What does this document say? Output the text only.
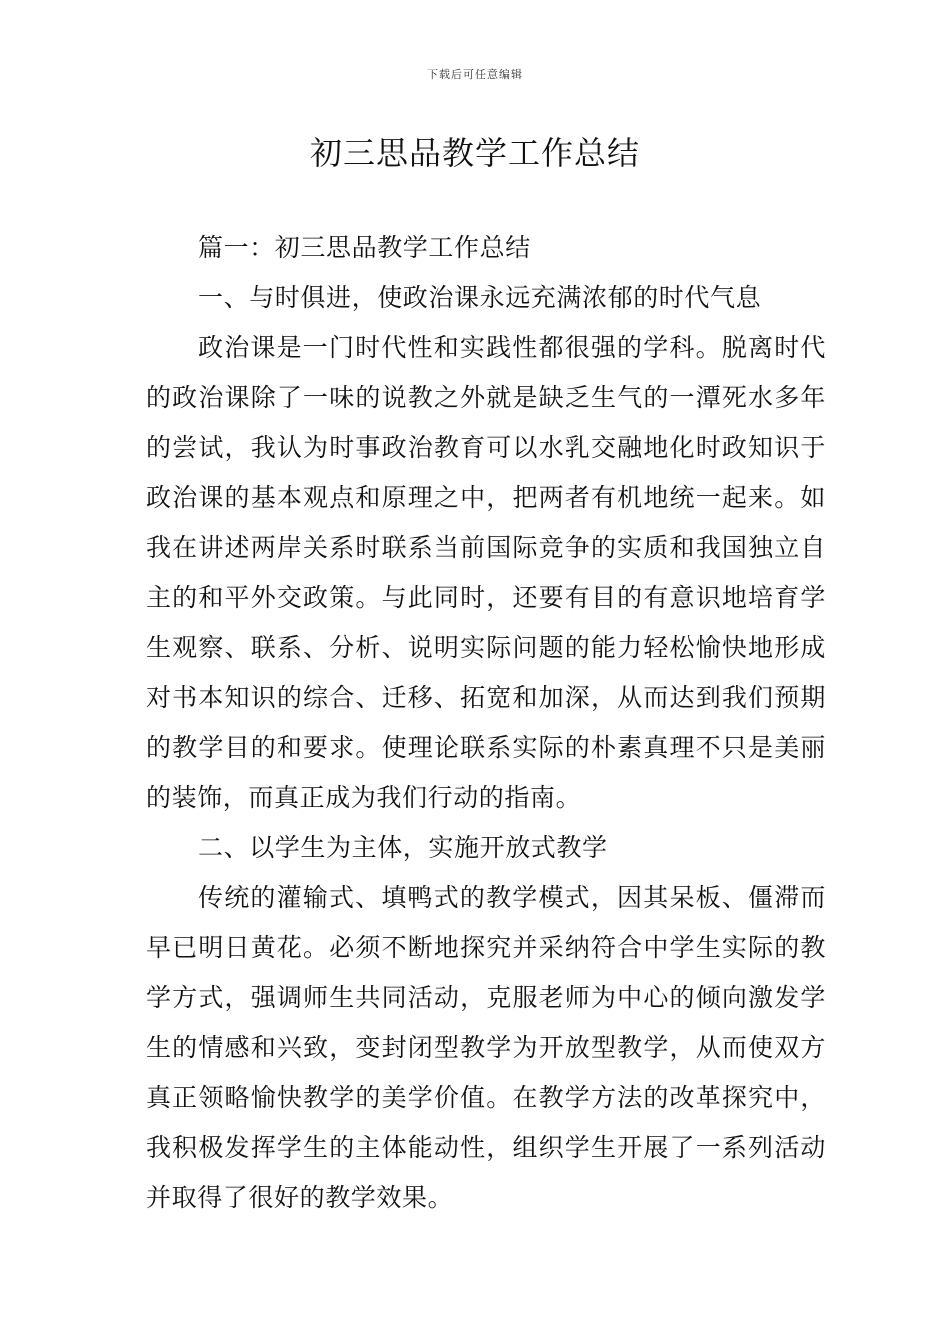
下载后可任意编辑
初三思品教学工作总结

篇一：初三思品教学工作总结

一、与时俱进，使政治课永远充满浓郁的时代气息

政治课是一门时代性和实践性都很强的学科。脱离时代的政治课除了一味的说教之外就是缺乏生气的一潭死水多年的尝试，我认为时事政治教育可以水乳交融地化时政知识于政治课的基本观点和原理之中，把两者有机地统一起来。如我在讲述两岸关系时联系当前国际竞争的实质和我国独立自主的和平外交政策。与此同时，还要有目的有意识地培育学生观察、联系、分析、说明实际问题的能力轻松愉快地形成对书本知识的综合、迁移、拓宽和加深，从而达到我们预期的教学目的和要求。使理论联系实际的朴素真理不只是美丽的装饰，而真正成为我们行动的指南。

二、以学生为主体，实施开放式教学

传统的灌输式、填鸭式的教学模式，因其呆板、僵滞而早已明日黄花。必须不断地探究并采纳符合中学生实际的教学方式，强调师生共同活动，克服老师为中心的倾向激发学生的情感和兴致，变封闭型教学为开放型教学，从而使双方真正领略愉快教学的美学价值。在教学方法的改革探究中，我积极发挥学生的主体能动性，组织学生开展了一系列活动并取得了很好的教学效果。
